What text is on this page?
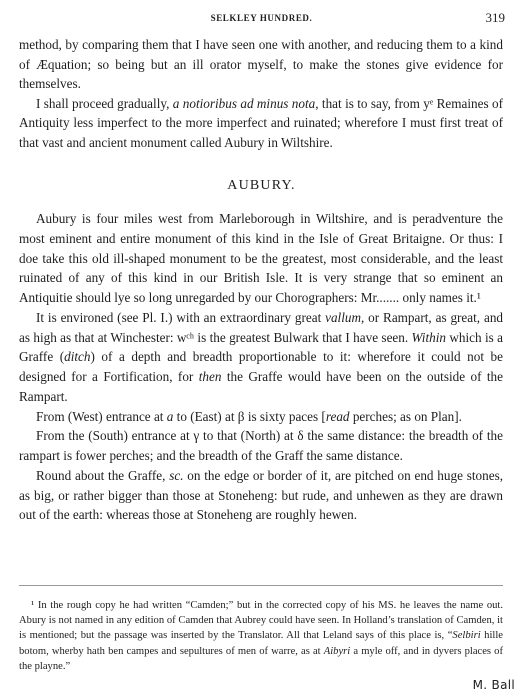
SELKLEY HUNDRED.	319

method, by comparing them that I have seen one with another, and reducing them to a kind of Æquation; so being but an ill orator myself, to make the stones give evidence for themselves.

I shall proceed gradually, a notioribus ad minus nota, that is to say, from yᵉ Remaines of Antiquity less imperfect to the more imperfect and ruinated; wherefore I must first treat of that vast and ancient monument called Aubury in Wiltshire.

AUBURY.

Aubury is four miles west from Marleborough in Wiltshire, and is peradventure the most eminent and entire monument of this kind in the Isle of Great Britaigne. Or thus: I doe take this old ill-shaped monument to be the greatest, most considerable, and the least ruinated of any of this kind in our British Isle. It is very strange that so eminent an Antiquitie should lye so long unregarded by our Chorographers: Mr....... only names it.¹

It is environed (see Pl. I.) with an extraordinary great vallum, or Rampart, as great, and as high as that at Winchester: wᶜʰ is the greatest Bulwark that I have seen. Within which is a Graffe (ditch) of a depth and breadth proportionable to it: wherefore it could not be designed for a Fortification, for then the Graffe would have been on the outside of the Rampart.

From (West) entrance at a to (East) at β is sixty paces [read perches; as on Plan].

From the (South) entrance at γ to that (North) at δ the same distance: the breadth of the rampart is fower perches; and the breadth of the Graff the same distance.

Round about the Graffe, sc. on the edge or border of it, are pitched on end huge stones, as big, or rather bigger than those at Stoneheng: but rude, and unhewen as they are drawn out of the earth: whereas those at Stoneheng are roughly hewen.

¹ In the rough copy he had written “Camden;” but in the corrected copy of his MS. he leaves the name out. Abury is not named in any edition of Camden that Aubrey could have seen. In Holland’s translation of Camden, it is mentioned; but the passage was inserted by the Translator. All that Leland says of this place is, “Selbiri hille botom, wherby hath ben campes and sepultures of men of warre, as at Aibyri a myle off, and in dyvers places of the playne.”

M. Ball
